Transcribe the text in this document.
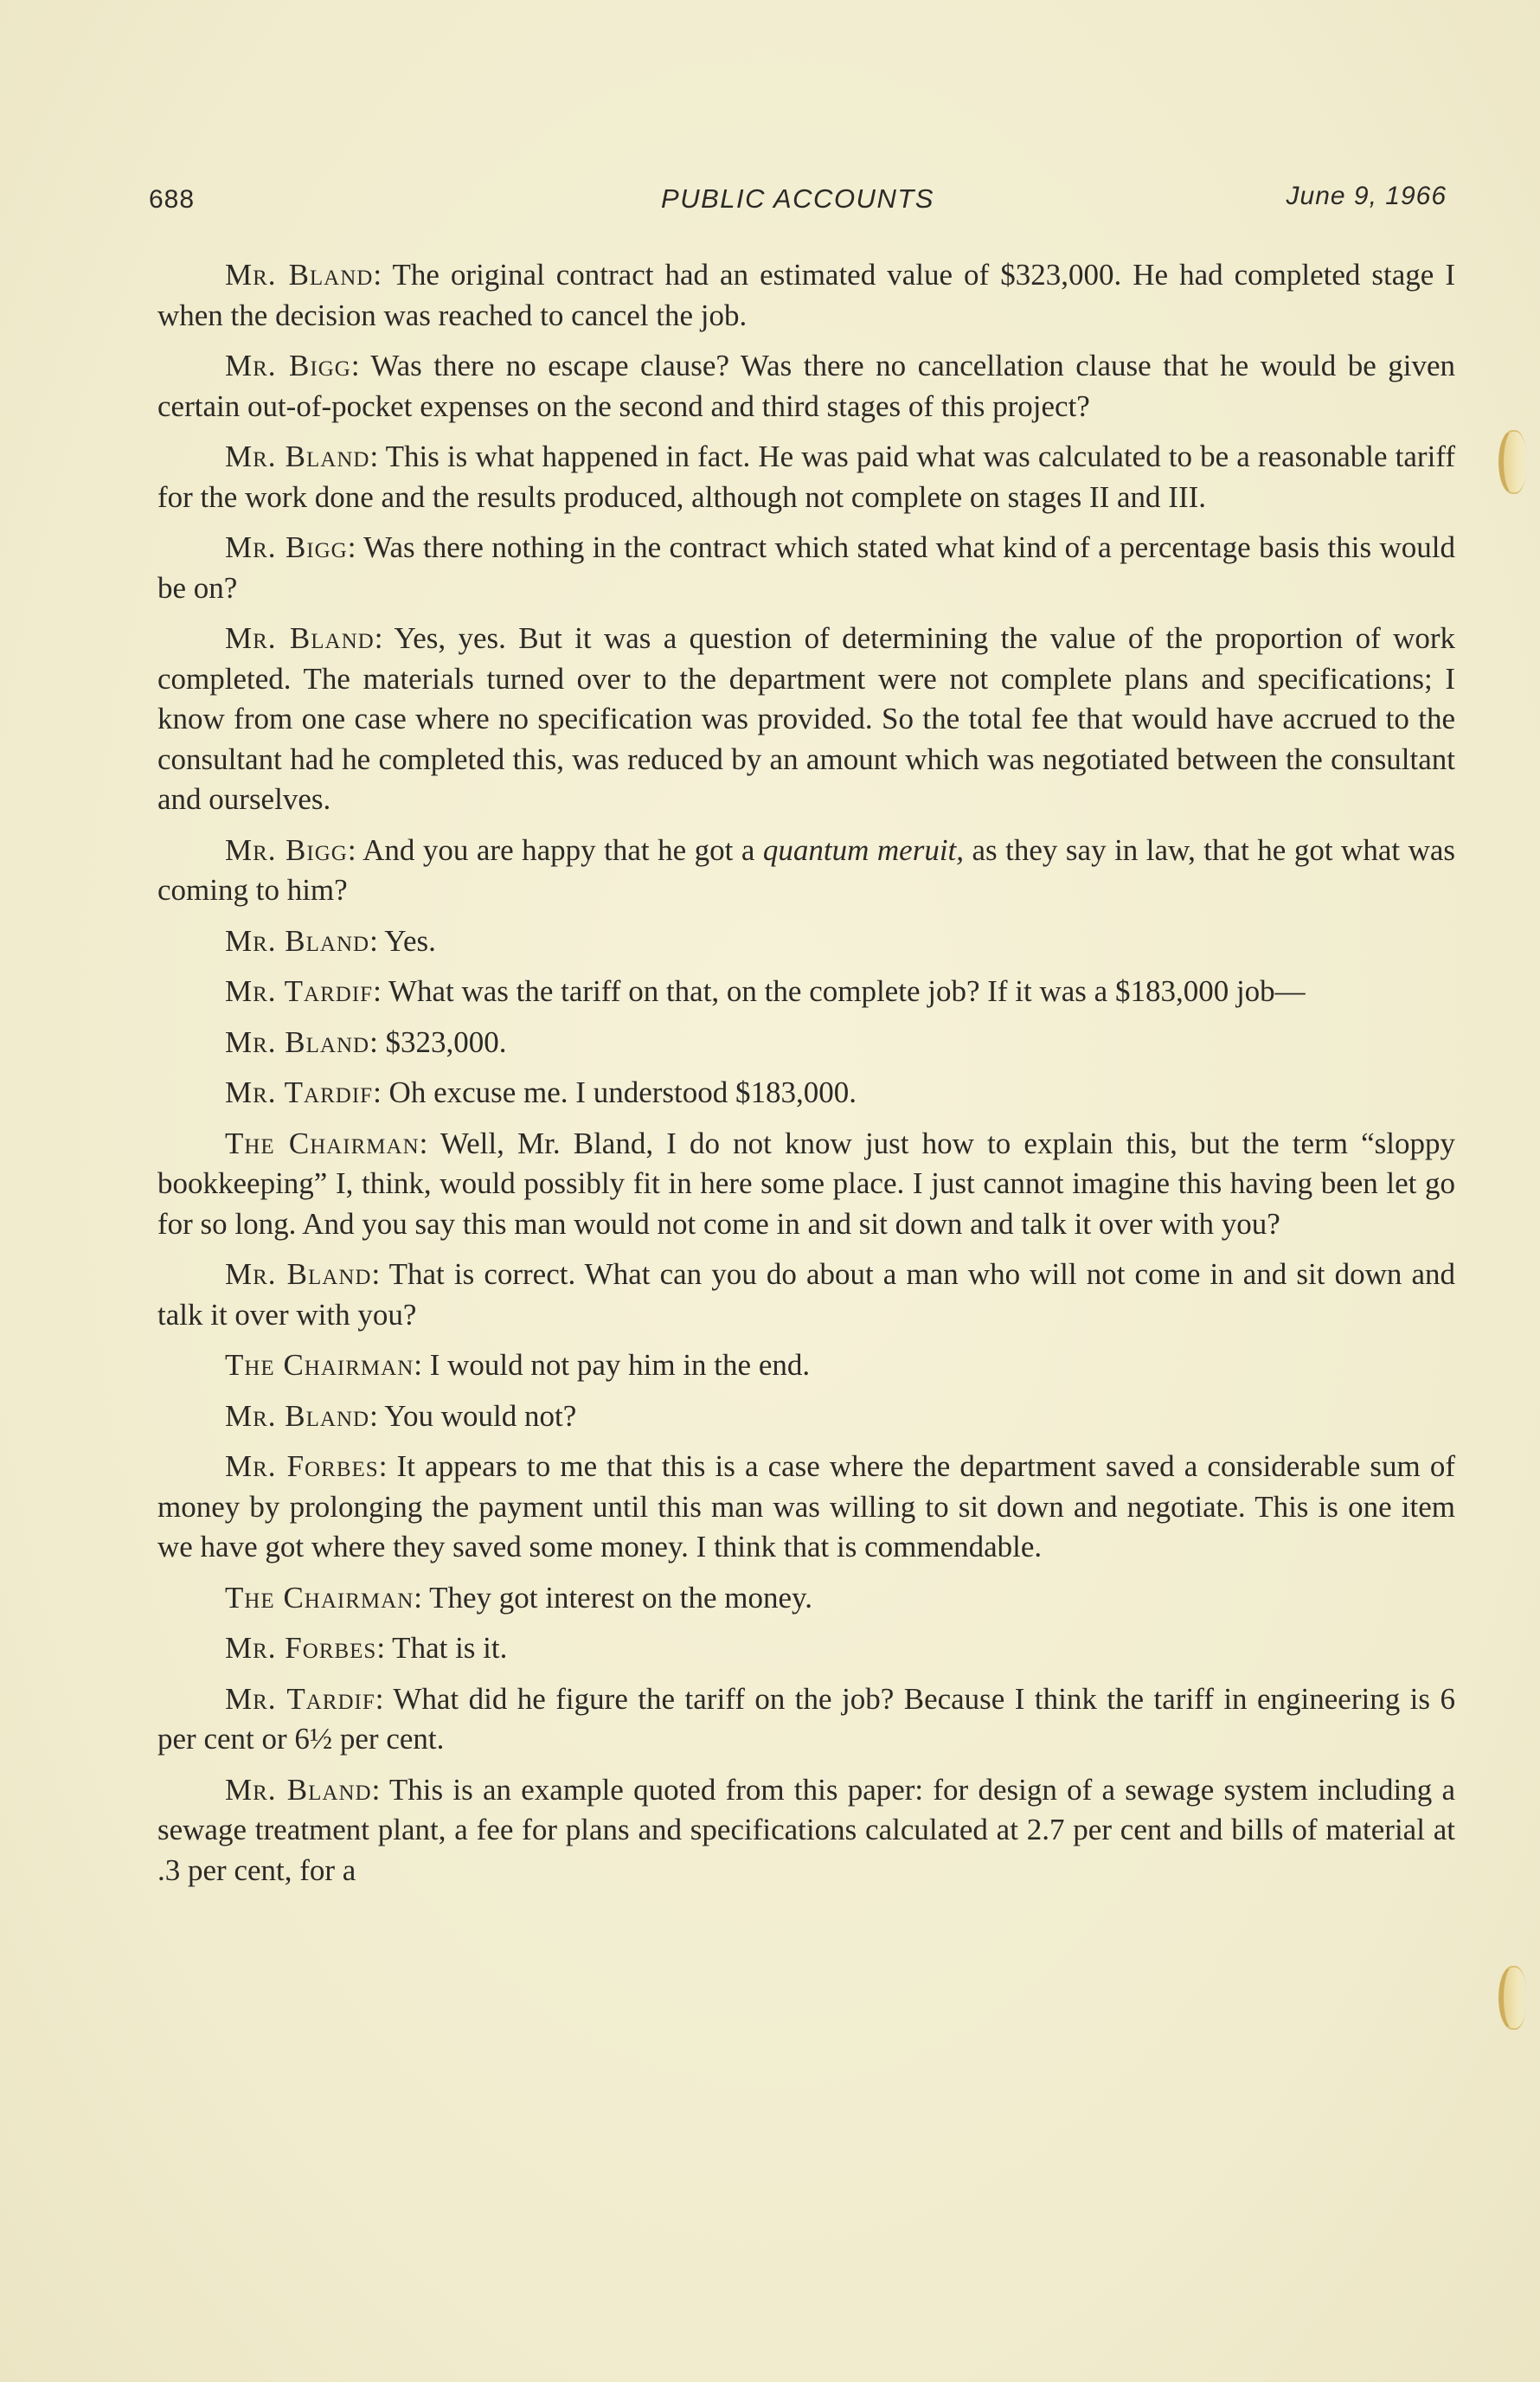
688	PUBLIC ACCOUNTS	June 9, 1966

Mr. Bland: The original contract had an estimated value of $323,000. He had completed stage I when the decision was reached to cancel the job.

Mr. Bigg: Was there no escape clause? Was there no cancellation clause that he would be given certain out-of-pocket expenses on the second and third stages of this project?

Mr. Bland: This is what happened in fact. He was paid what was calculated to be a reasonable tariff for the work done and the results produced, although not complete on stages II and III.

Mr. Bigg: Was there nothing in the contract which stated what kind of a percentage basis this would be on?

Mr. Bland: Yes, yes. But it was a question of determining the value of the proportion of work completed. The materials turned over to the department were not complete plans and specifications; I know from one case where no specification was provided. So the total fee that would have accrued to the consultant had he completed this, was reduced by an amount which was negotiated between the consultant and ourselves.

Mr. Bigg: And you are happy that he got a quantum meruit, as they say in law, that he got what was coming to him?

Mr. Bland: Yes.

Mr. Tardif: What was the tariff on that, on the complete job? If it was a $183,000 job—

Mr. Bland: $323,000.

Mr. Tardif: Oh excuse me. I understood $183,000.

The Chairman: Well, Mr. Bland, I do not know just how to explain this, but the term “sloppy bookkeeping” I, think, would possibly fit in here some place. I just cannot imagine this having been let go for so long. And you say this man would not come in and sit down and talk it over with you?

Mr. Bland: That is correct. What can you do about a man who will not come in and sit down and talk it over with you?

The Chairman: I would not pay him in the end.

Mr. Bland: You would not?

Mr. Forbes: It appears to me that this is a case where the department saved a considerable sum of money by prolonging the payment until this man was willing to sit down and negotiate. This is one item we have got where they saved some money. I think that is commendable.

The Chairman: They got interest on the money.

Mr. Forbes: That is it.

Mr. Tardif: What did he figure the tariff on the job? Because I think the tariff in engineering is 6 per cent or 6½ per cent.

Mr. Bland: This is an example quoted from this paper: for design of a sewage system including a sewage treatment plant, a fee for plans and specifications calculated at 2.7 per cent and bills of material at .3 per cent, for a
